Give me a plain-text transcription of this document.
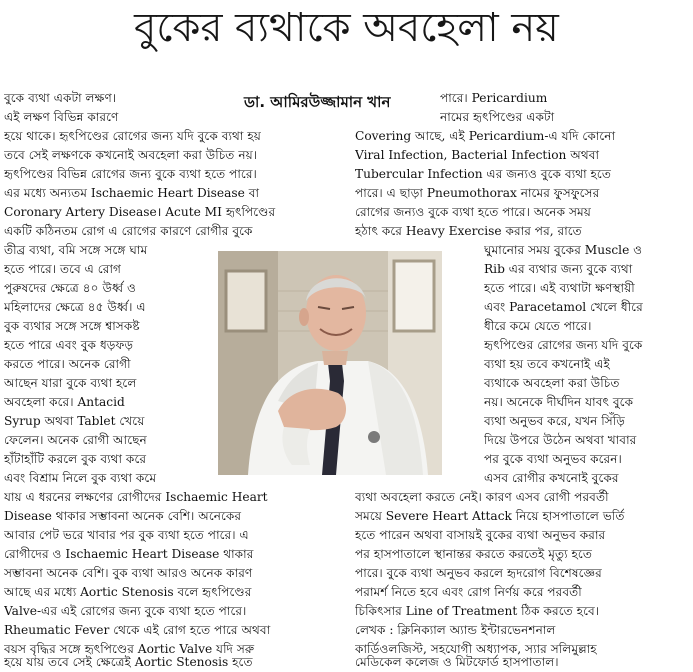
বুকের ব্যথাকে অবহেলা নয়
ডা. আমিরউজ্জামান খান
বুকে ব্যথা একটা লক্ষণ।
এই লক্ষণ বিভিন্ন কারণে
হয়ে থাকে। হৃৎপিণ্ডের রোগের জন্য যদি বুকে ব্যথা হয়
তবে সেই লক্ষণকে কখনোই অবহেলা করা উচিত নয়।
হৃৎপিণ্ডের বিভিন্ন রোগের জন্য বুকে ব্যথা হতে পারে।
এর মধ্যে অন্যতম Ischaemic Heart Disease বা
Coronary Artery Disease। Acute MI হৃৎপিণ্ডের
একটি কঠিনতম রোগ এ রোগের কারণে রোগীর বুকে
তীব্র ব্যথা, বমি সঙ্গে সঙ্গে ঘাম
হতে পারে। তবে এ রোগ
পুরুষদের ক্ষেত্রে ৪০ উর্ধ্ব ও
মহিলাদের ক্ষেত্রে ৪৫ উর্ধ্ব। এ
বুক ব্যথার সঙ্গে সঙ্গে শ্বাসকষ্ট
হতে পারে এবং বুক ধড়ফড়
করতে পারে। অনেক রোগী
আছেন যারা বুকে ব্যথা হলে
অবহেলা করে। Antacid
Syrup অথবা Tablet খেয়ে
ফেলেন। অনেক রোগী আছেন
হাঁটাহাঁটি করলে বুক ব্যথা করে
এবং বিশ্রাম নিলে বুক ব্যথা কমে
যায় এ ধরনের লক্ষণের রোগীদের Ischaemic Heart
Disease থাকার সম্ভাবনা অনেক বেশি। অনেকের
আবার পেট ভরে খাবার পর বুক ব্যথা হতে পারে। এ
রোগীদের ও Ischaemic Heart Disease থাকার
সম্ভাবনা অনেক বেশি। বুক ব্যথা আরও অনেক কারণ
আছে এর মধ্যে Aortic Stenosis বলে হৃৎপিণ্ডের
Valve-এর এই রোগের জন্য বুকে ব্যথা হতে পারে।
Rheumatic Fever থেকে এই রোগ হতে পারে অথবা
বয়স বৃদ্ধির সঙ্গে হৃৎপিণ্ডের Aortic Valve যদি সরু
হয়ে যায় তবে সেই ক্ষেত্রেই Aortic Stenosis হতে
পারে। Pericardium
নামের হৃৎপিণ্ডের একটা
Covering আছে, এই Pericardium-এ যদি কোনো
Viral Infection, Bacterial Infection অথবা
Tubercular Infection এর জন্যও বুকে ব্যথা হতে
পারে। এ ছাড়া Pneumothorax নামের ফুসফুসের
রোগের জন্যও বুকে ব্যথা হতে পারে। অনেক সময়
হঠাৎ করে Heavy Exercise করার পর, রাতে
ঘুমানোর সময় বুকের Muscle ও
Rib এর ব্যথার জন্য বুকে ব্যথা
হতে পারে। এই ব্যথাটা ক্ষণস্থায়ী
এবং Paracetamol খেলে ধীরে
ধীরে কমে যেতে পারে।
হৃৎপিণ্ডের রোগের জন্য যদি বুকে
ব্যথা হয় তবে কখনোই এই
ব্যথাকে অবহেলা করা উচিত
নয়। অনেকে দীর্ঘদিন যাবৎ বুকে
ব্যথা অনুভব করে, যখন সিঁড়ি
দিয়ে উপরে উঠেন অথবা খাবার
পর বুকে ব্যথা অনুভব করেন।
এসব রোগীর কখনোই বুকের
ব্যথা অবহেলা করতে নেই। কারণ এসব রোগী পরবর্তী
সময়ে Severe Heart Attack নিয়ে হাসপাতালে ভর্তি
হতে পারেন অথবা বাসায়ই বুকের ব্যথা অনুভব করার
পর হাসপাতালে স্থানান্তর করতে করতেই মৃত্যু হতে
পারে। বুকে ব্যথা অনুভব করলে হৃদরোগ বিশেষজ্ঞের
পরামর্শ নিতে হবে এবং রোগ নির্ণয় করে পরবর্তী
চিকিৎসার Line of Treatment ঠিক করতে হবে।
লেখক : ক্লিনিক্যাল অ্যান্ড ইন্টারভেনশনাল
কার্ডিওলজিস্ট, সহযোগী অধ্যাপক, স্যার সলিমুল্লাহ
মেডিকেল কলেজ ও মিটফোর্ড হাসপাতাল।
